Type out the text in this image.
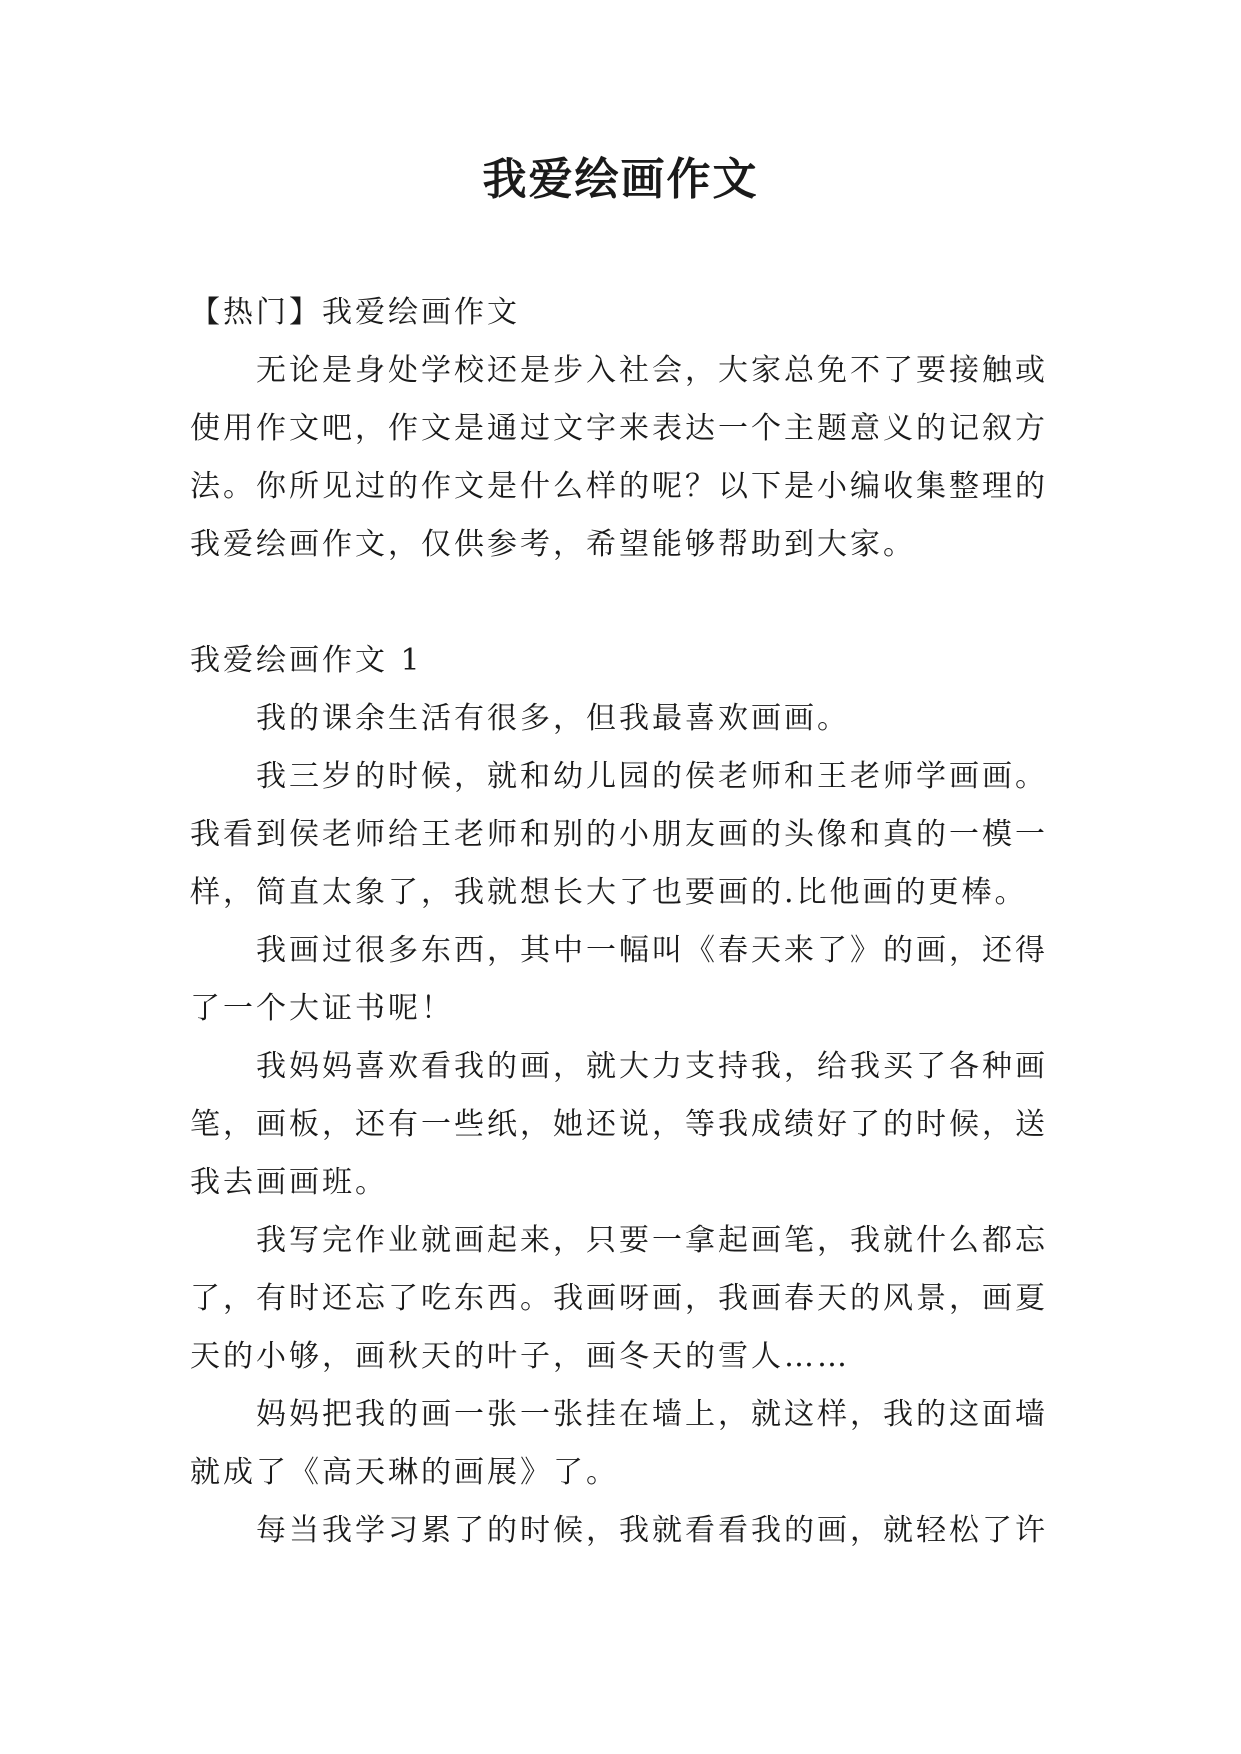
我爱绘画作文

【热门】我爱绘画作文

无论是身处学校还是步入社会，大家总免不了要接触或使用作文吧，作文是通过文字来表达一个主题意义的记叙方法。你所见过的作文是什么样的呢？以下是小编收集整理的我爱绘画作文，仅供参考，希望能够帮助到大家。

我爱绘画作文 1

我的课余生活有很多，但我最喜欢画画。

我三岁的时候，就和幼儿园的侯老师和王老师学画画。我看到侯老师给王老师和别的小朋友画的头像和真的一模一样，简直太象了，我就想长大了也要画的.比他画的更棒。

我画过很多东西，其中一幅叫《春天来了》的画，还得了一个大证书呢！

我妈妈喜欢看我的画，就大力支持我，给我买了各种画笔，画板，还有一些纸，她还说，等我成绩好了的时候，送我去画画班。

我写完作业就画起来，只要一拿起画笔，我就什么都忘了，有时还忘了吃东西。我画呀画，我画春天的风景，画夏天的小够，画秋天的叶子，画冬天的雪人……

妈妈把我的画一张一张挂在墙上，就这样，我的这面墙就成了《高天琳的画展》了。

每当我学习累了的时候，我就看看我的画，就轻松了许
